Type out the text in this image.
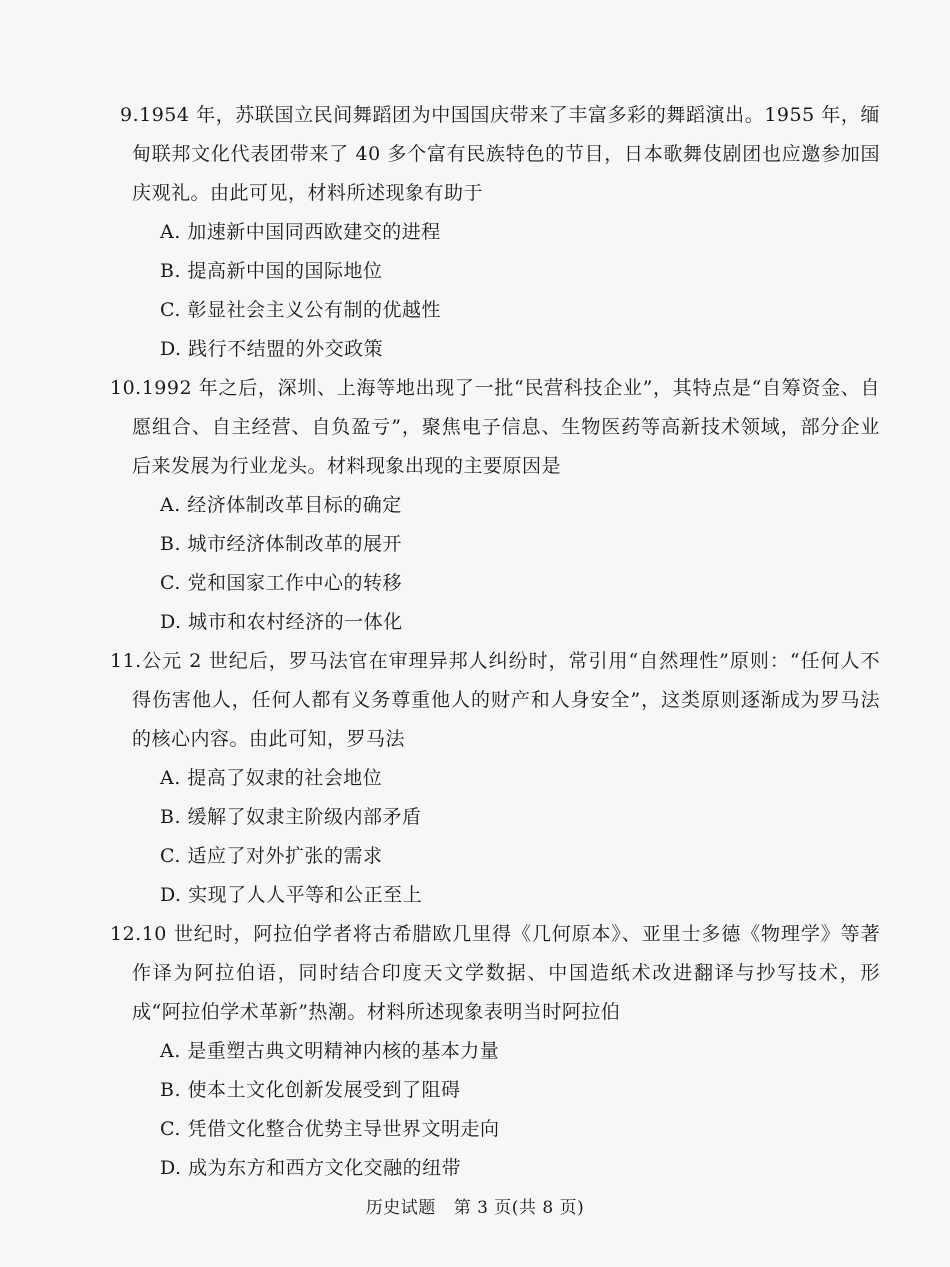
9.1954 年，苏联国立民间舞蹈团为中国国庆带来了丰富多彩的舞蹈演出。1955 年，缅甸联邦文化代表团带来了 40 多个富有民族特色的节目，日本歌舞伎剧团也应邀参加国庆观礼。由此可见，材料所述现象有助于

A. 加速新中国同西欧建交的进程
B. 提高新中国的国际地位
C. 彰显社会主义公有制的优越性
D. 践行不结盟的外交政策

10.1992 年之后，深圳、上海等地出现了一批“民营科技企业”，其特点是“自筹资金、自愿组合、自主经营、自负盈亏”，聚焦电子信息、生物医药等高新技术领域，部分企业后来发展为行业龙头。材料现象出现的主要原因是

A. 经济体制改革目标的确定
B. 城市经济体制改革的展开
C. 党和国家工作中心的转移
D. 城市和农村经济的一体化

11.公元 2 世纪后，罗马法官在审理异邦人纠纷时，常引用“自然理性”原则：“任何人不得伤害他人，任何人都有义务尊重他人的财产和人身安全”，这类原则逐渐成为罗马法的核心内容。由此可知，罗马法

A. 提高了奴隶的社会地位
B. 缓解了奴隶主阶级内部矛盾
C. 适应了对外扩张的需求
D. 实现了人人平等和公正至上

12.10 世纪时，阿拉伯学者将古希腊欧几里得《几何原本》、亚里士多德《物理学》等著作译为阿拉伯语，同时结合印度天文学数据、中国造纸术改进翻译与抄写技术，形成“阿拉伯学术革新”热潮。材料所述现象表明当时阿拉伯

A. 是重塑古典文明精神内核的基本力量
B. 使本土文化创新发展受到了阻碍
C. 凭借文化整合优势主导世界文明走向
D. 成为东方和西方文化交融的纽带
历史试题 第 3 页(共 8 页)
